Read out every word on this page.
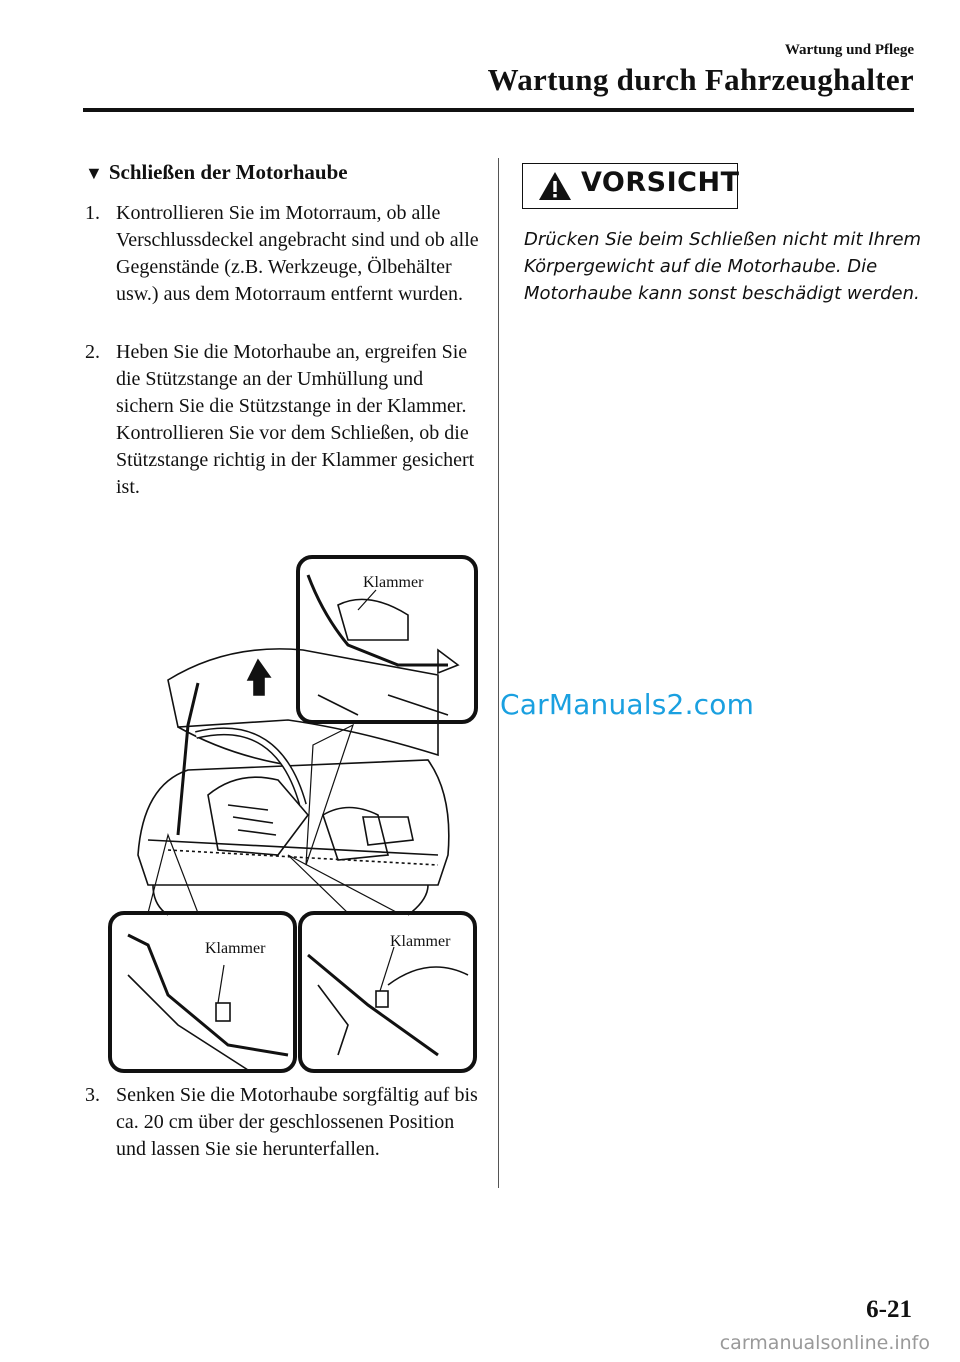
Wartung und Pflege
Wartung durch Fahrzeughalter
▼ Schließen der Motorhaube
1. Kontrollieren Sie im Motorraum, ob alle Verschlussdeckel angebracht sind und ob alle Gegenstände (z.B. Werkzeuge, Ölbehälter usw.) aus dem Motorraum entfernt wurden.
2. Heben Sie die Motorhaube an, ergreifen Sie die Stützstange an der Umhüllung und sichern Sie die Stützstange in der Klammer. Kontrollieren Sie vor dem Schließen, ob die Stützstange richtig in der Klammer gesichert ist.
3. Senken Sie die Motorhaube sorgfältig auf bis ca. 20 cm über der geschlossenen Position und lassen Sie sie herunterfallen.
Klammer
Klammer	Klammer
VORSICHT
Drücken Sie beim Schließen nicht mit Ihrem Körpergewicht auf die Motorhaube. Die Motorhaube kann sonst beschädigt werden.
CarManuals2.com
6-21
carmanualsonline.info
